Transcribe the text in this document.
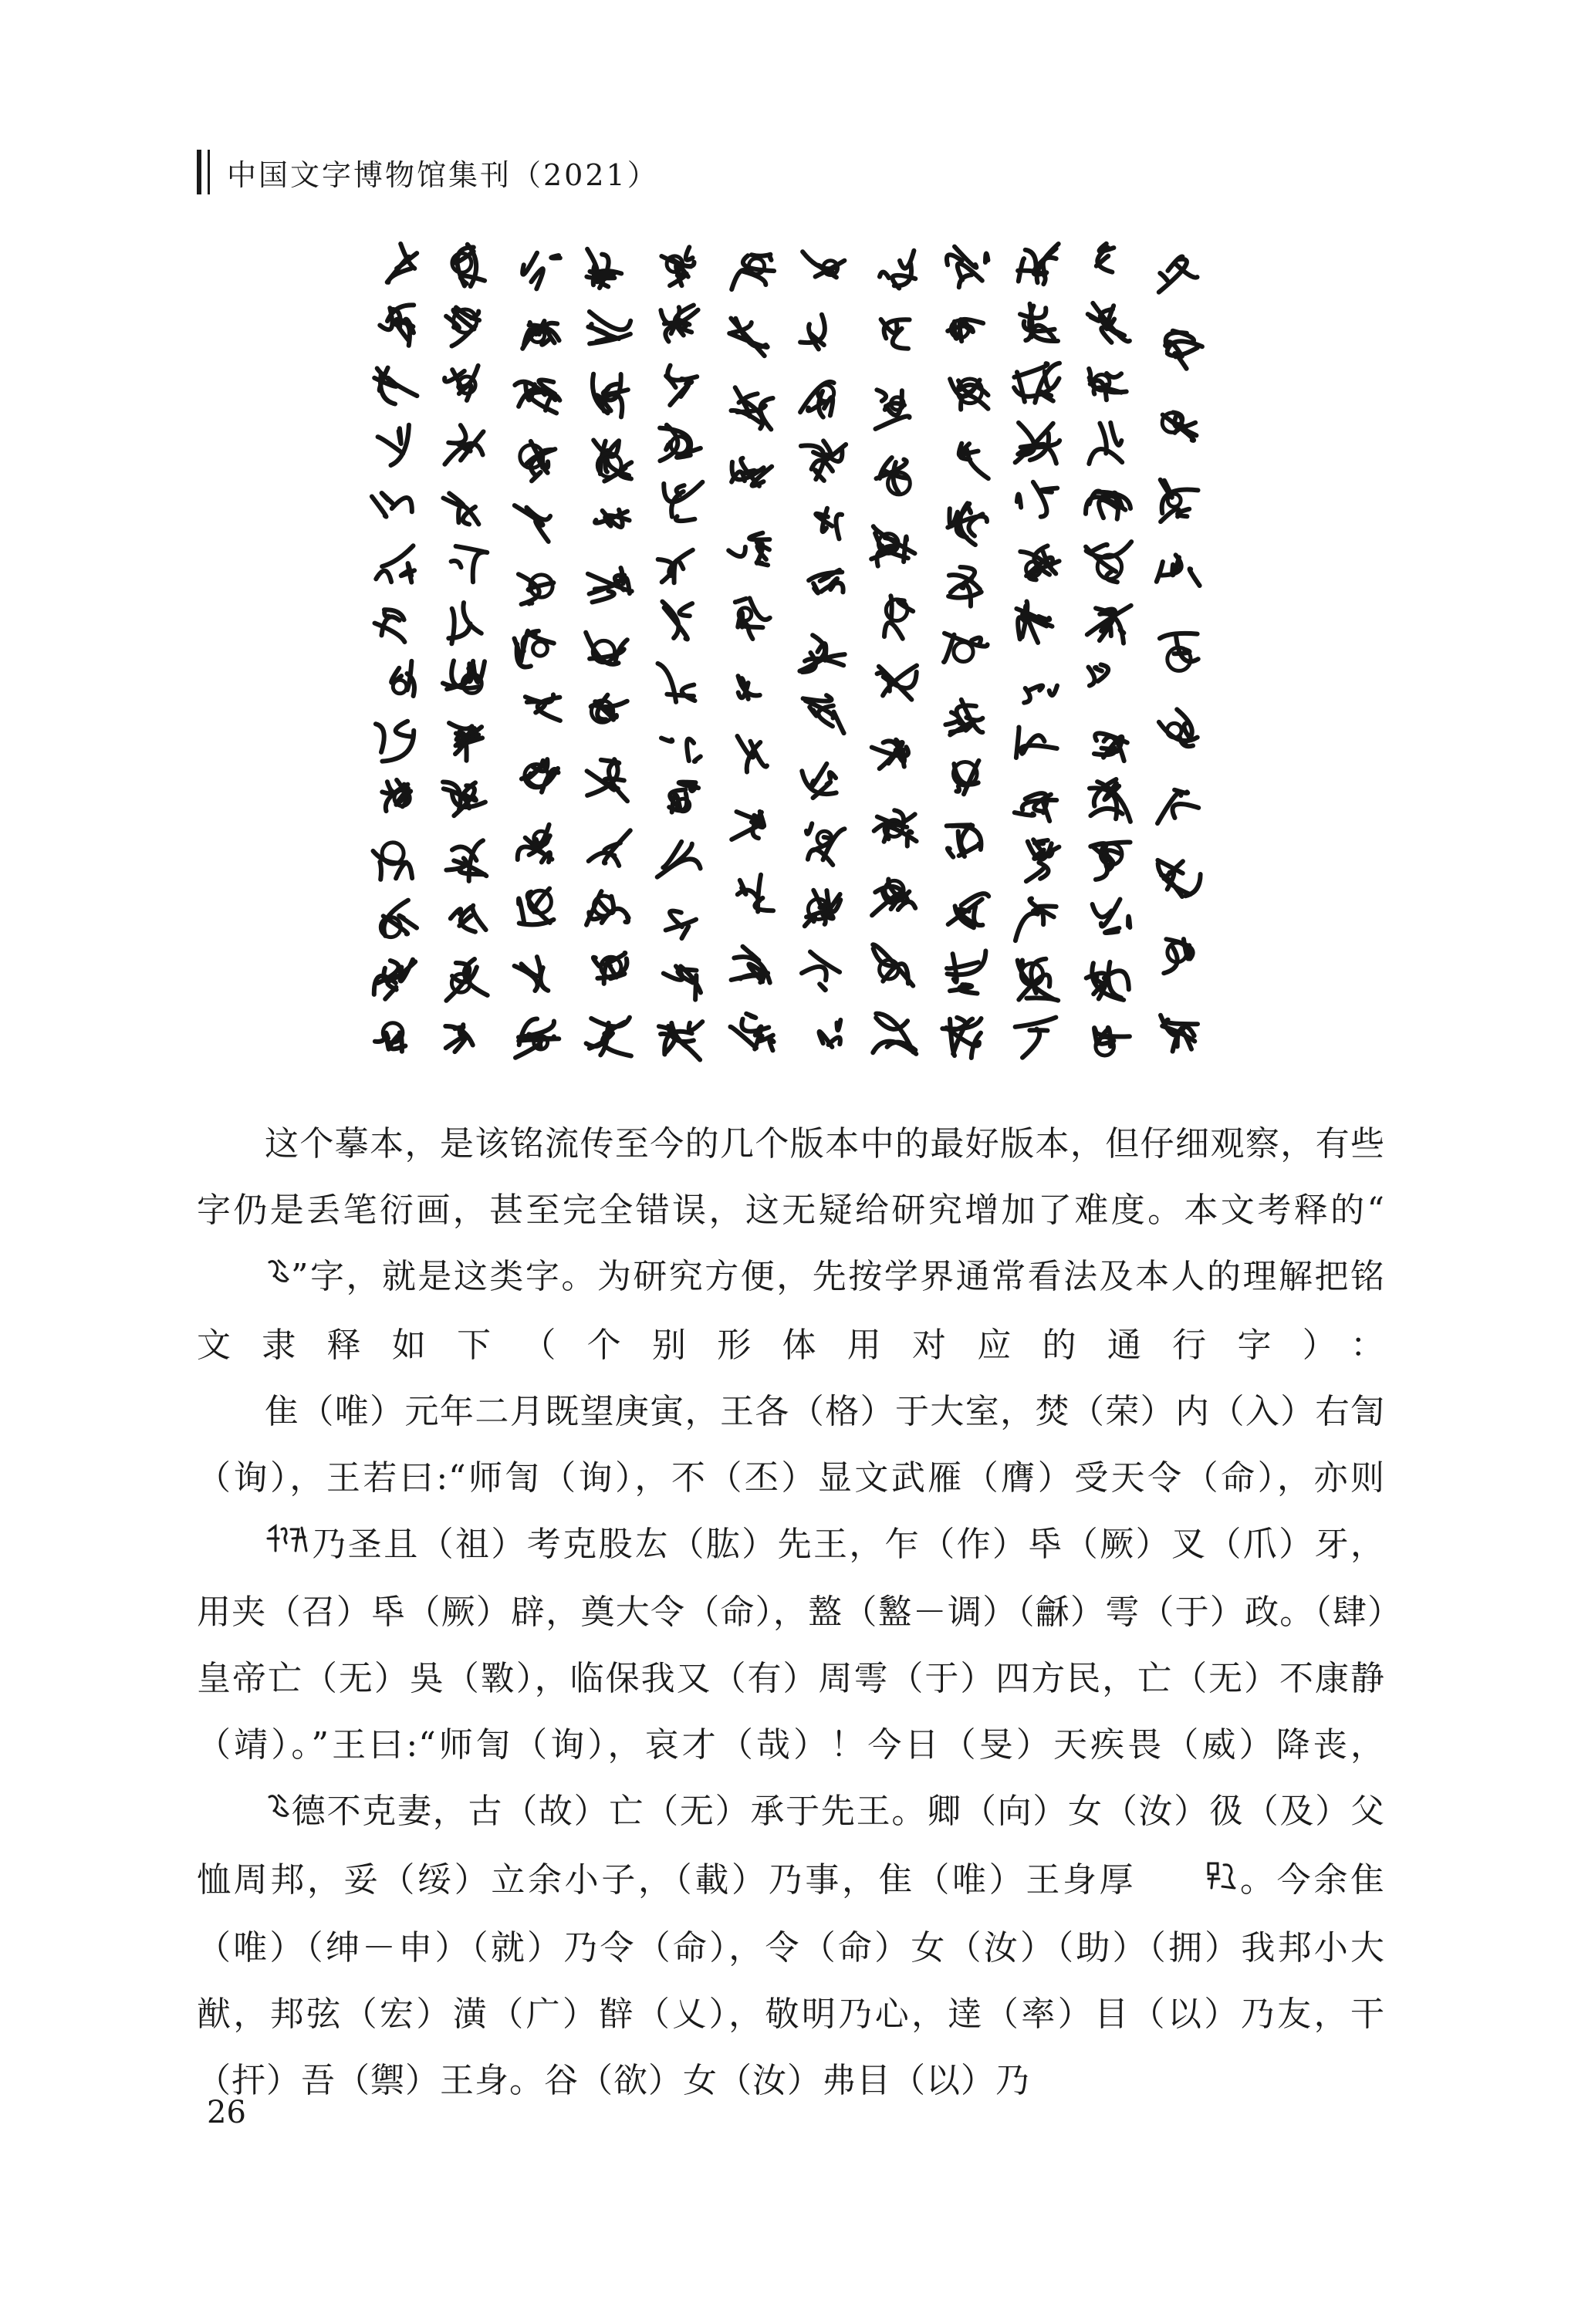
中国文字博物馆集刊（2021）

这个摹本，是该铭流传至今的几个版本中的最好版本，但仔细观察，有些字仍是丢笔衍画，甚至完全错误，这无疑给研究增加了难度。本文考释的“”字，就是这类字。为研究方便，先按学界通常看法及本人的理解把铭文隶释如下（个别形体用对应的通行字）：

隹（唯）元年二月既望庚寅，王各（格）于大室，焚（荣）内（入）右訇（询），王若曰:“师訇（询），不（丕）显文武雁（膺）受天令（命），亦则乃圣且（祖）考克股厷（肱）先王，乍（作）氒（厥）叉（爪）牙，用夹（召）氒（厥）辟，奠大令（命），盩（盭－调）（龢）雩（于）政。（肆）皇帝亡（无）吳（斁），临保我又（有）周雩（于）四方民，亡（无）不康静（靖）。”王曰:“师訇（询），哀才（哉）！今日（旻）天疾畏（威）降丧，德不克妻，古（故）亡（无）承于先王。卿（向）女（汝）彶（及）父恤周邦，妥（绥）立余小子，（載）乃事，隹（唯）王身厚	。今余隹（唯）（绅－申）（就）乃令（命），令（命）女（汝）（助）（拥）我邦小大猷，邦弦（宏）潢（广）辥（乂），敬明乃心，逹（率）目（以）乃友，干（扞）吾（禦）王身。谷（欲）女（汝）弗目（以）乃

26
